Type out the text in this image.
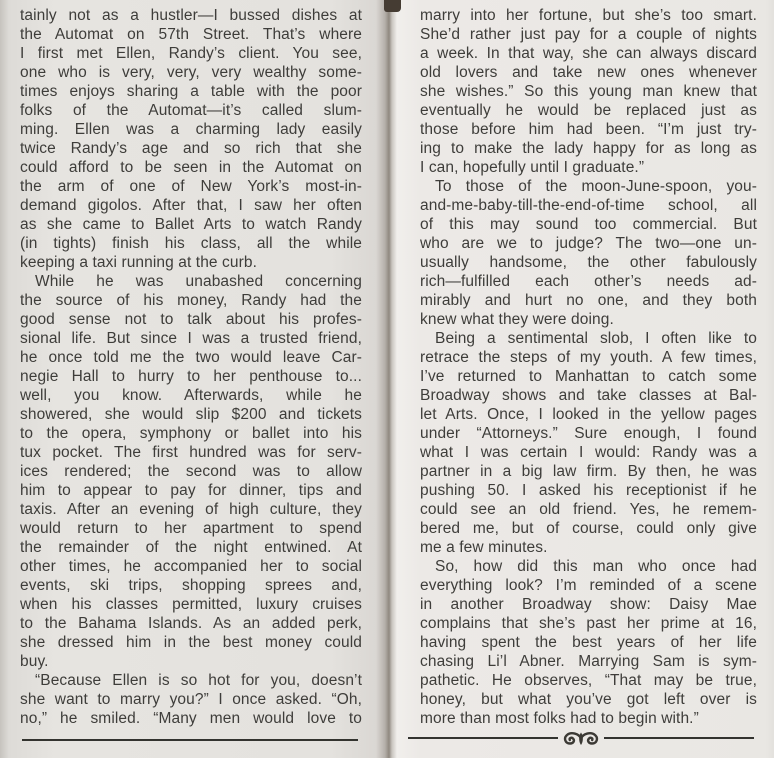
tainly not as a hustler—I bussed dishes at
the Automat on 57th Street. That’s where
I first met Ellen, Randy’s client. You see,
one who is very, very, very wealthy some-
times enjoys sharing a table with the poor
folks of the Automat—it’s called slum-
ming. Ellen was a charming lady easily
twice Randy’s age and so rich that she
could afford to be seen in the Automat on
the arm of one of New York’s most-in-
demand gigolos. After that, I saw her often
as she came to Ballet Arts to watch Randy
(in tights) finish his class, all the while
keeping a taxi running at the curb.
While he was unabashed concerning
the source of his money, Randy had the
good sense not to talk about his profes-
sional life. But since I was a trusted friend,
he once told me the two would leave Car-
negie Hall to hurry to her penthouse to...
well, you know. Afterwards, while he
showered, she would slip $200 and tickets
to the opera, symphony or ballet into his
tux pocket. The first hundred was for serv-
ices rendered; the second was to allow
him to appear to pay for dinner, tips and
taxis. After an evening of high culture, they
would return to her apartment to spend
the remainder of the night entwined. At
other times, he accompanied her to social
events, ski trips, shopping sprees and,
when his classes permitted, luxury cruises
to the Bahama Islands. As an added perk,
she dressed him in the best money could
buy.
“Because Ellen is so hot for you, doesn’t
she want to marry you?” I once asked. “Oh,
no,” he smiled. “Many men would love to
marry into her fortune, but she’s too smart.
She’d rather just pay for a couple of nights
a week. In that way, she can always discard
old lovers and take new ones whenever
she wishes.” So this young man knew that
eventually he would be replaced just as
those before him had been. “I’m just try-
ing to make the lady happy for as long as
I can, hopefully until I graduate.”
To those of the moon-June-spoon, you-
and-me-baby-till-the-end-of-time school, all
of this may sound too commercial. But
who are we to judge? The two—one un-
usually handsome, the other fabulously
rich—fulfilled each other’s needs ad-
mirably and hurt no one, and they both
knew what they were doing.
Being a sentimental slob, I often like to
retrace the steps of my youth. A few times,
I’ve returned to Manhattan to catch some
Broadway shows and take classes at Bal-
let Arts. Once, I looked in the yellow pages
under “Attorneys.” Sure enough, I found
what I was certain I would: Randy was a
partner in a big law firm. By then, he was
pushing 50. I asked his receptionist if he
could see an old friend. Yes, he remem-
bered me, but of course, could only give
me a few minutes.
So, how did this man who once had
everything look? I’m reminded of a scene
in another Broadway show: Daisy Mae
complains that she’s past her prime at 16,
having spent the best years of her life
chasing Li’l Abner. Marrying Sam is sym-
pathetic. He observes, “That may be true,
honey, but what you’ve got left over is
more than most folks had to begin with.”
